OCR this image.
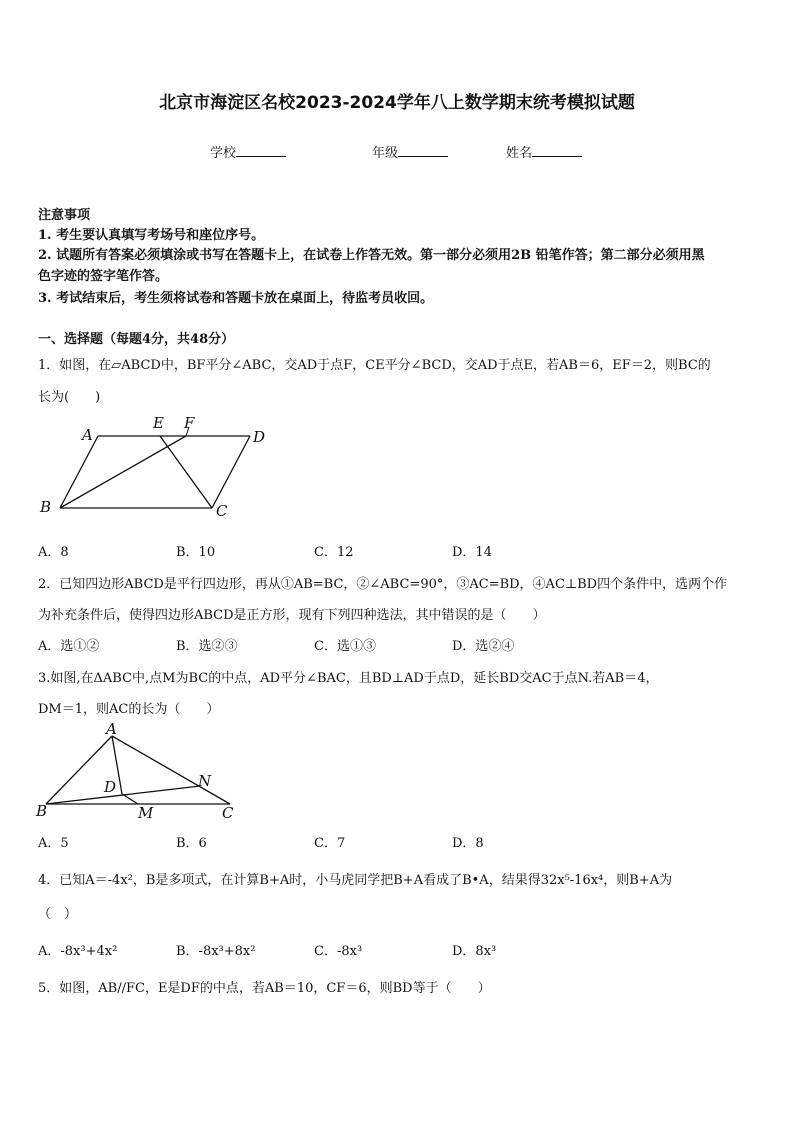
北京市海淀区名校2023-2024学年八上数学期末统考模拟试题
学校	年级	姓名
注意事项
1. 考生要认真填写考场号和座位序号。
2. 试题所有答案必须填涂或书写在答题卡上，在试卷上作答无效。第一部分必须用2B 铅笔作答；第二部分必须用黑
色字迹的签字笔作答。
3. 考试结束后，考生须将试卷和答题卡放在桌面上，待监考员收回。
一、选择题（每题4分，共48分）
1．如图，在▱ABCD中，BF平分∠ABC，交AD于点F，CE平分∠BCD，交AD于点E，若AB＝6，EF＝2，则BC的
长为(　　)
A
E F
D
B	C
A．8	B．10	C．12	D．14
2．已知四边形ABCD是平行四边形，再从①AB=BC，②∠ABC=90°，③AC=BD，④AC⊥BD四个条件中，选两个作
为补充条件后，使得四边形ABCD是正方形，现有下列四种选法，其中错误的是（　　）
A．选①②	B．选②③	C．选①③	D．选②④
3.如图,在ΔABC中,点M为BC的中点，AD平分∠BAC，且BD⊥AD于点D，延长BD交AC于点N.若AB＝4，
DM＝1，则AC的长为（　　）
A
D	N
B	M	C
A．5	B．6	C．7	D．8
4．已知A＝-4x²，B是多项式，在计算B+A时，小马虎同学把B+A看成了B•A，结果得32x⁵-16x⁴，则B+A为
（　）
A．-8x³+4x²	B．-8x³+8x²	C．-8x³	D．8x³
5．如图，AB//FC，E是DF的中点，若AB＝10，CF＝6，则BD等于（　　）
